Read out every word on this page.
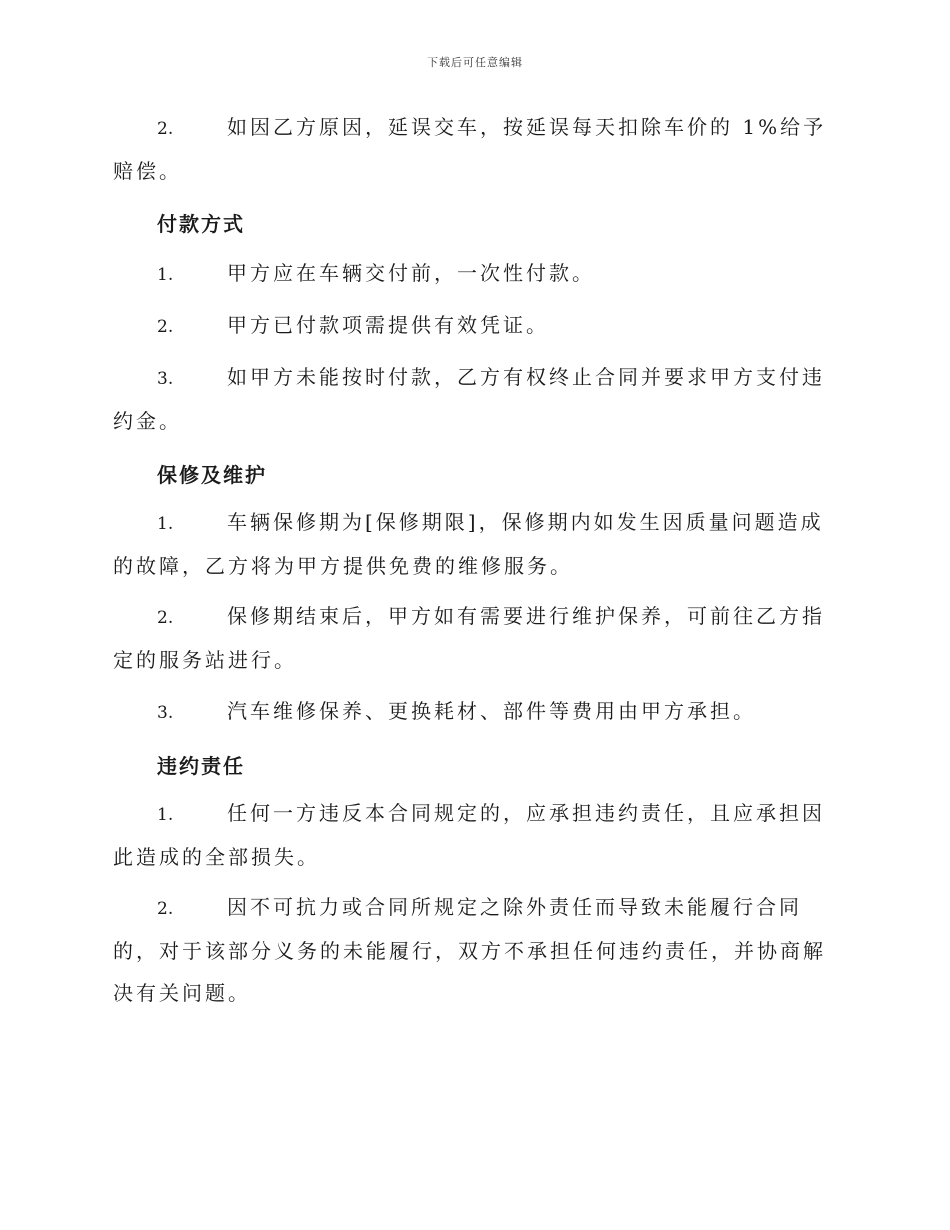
下载后可任意编辑
2.	如因乙方原因，延误交车，按延误每天扣除车价的 1%给予赔偿。
付款方式
1.	甲方应在车辆交付前，一次性付款。
2.	甲方已付款项需提供有效凭证。
3.	如甲方未能按时付款，乙方有权终止合同并要求甲方支付违约金。
保修及维护
1.	车辆保修期为[保修期限]，保修期内如发生因质量问题造成的故障，乙方将为甲方提供免费的维修服务。
2.	保修期结束后，甲方如有需要进行维护保养，可前往乙方指定的服务站进行。
3.	汽车维修保养、更换耗材、部件等费用由甲方承担。
违约责任
1.	任何一方违反本合同规定的，应承担违约责任，且应承担因此造成的全部损失。
2.	因不可抗力或合同所规定之除外责任而导致未能履行合同的，对于该部分义务的未能履行，双方不承担任何违约责任，并协商解决有关问题。
